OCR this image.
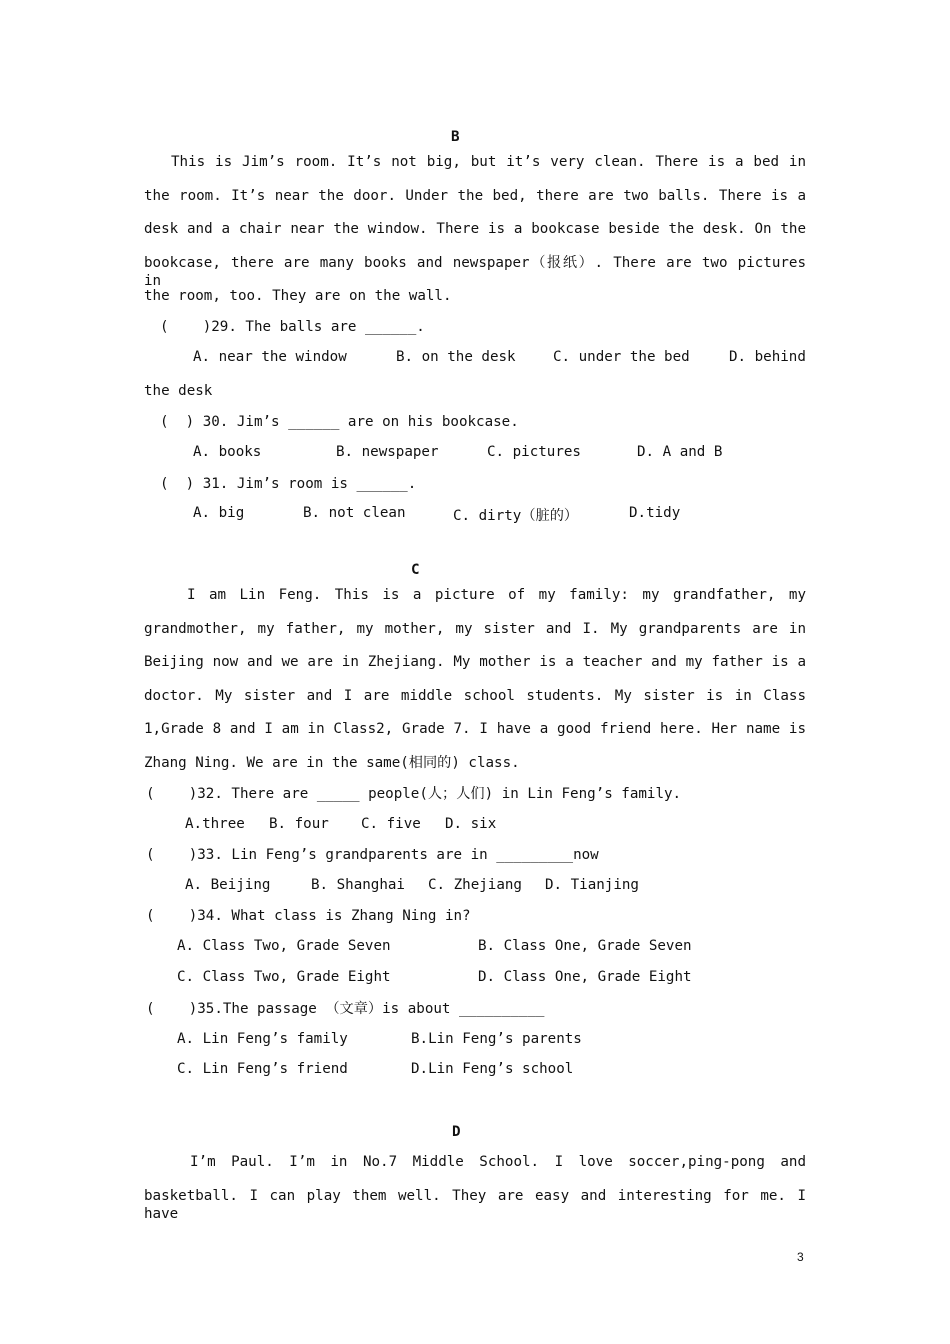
B
This is Jim’s room. It’s not big, but it’s very clean. There is a bed in
the room. It’s near the door. Under the bed, there are two balls. There is a
desk and a chair near the window. There is a bookcase beside the desk. On the
bookcase, there are many books and newspaper（报纸）. There are two pictures in
the room, too. They are on the wall.
(    )29. The balls are ______.

A. near the window

	B. on the desk

	C. under the bed

	D. behind

the desk
(  ) 30. Jim’s ______ are on his bookcase.

A. books

	B. newspaper

	C. pictures

	D. A and B

(  ) 31. Jim’s room is ______.

A. big

	B. not clean

	C. dirty（脏的）

	D.tidy

C
I am Lin Feng. This is a picture of my family: my grandfather, my
grandmother, my father, my mother, my sister and I. My grandparents are in
Beijing now and we are in Zhejiang. My mother is a teacher and my father is a
doctor. My sister and I are middle school students. My sister is in Class
1,Grade 8 and I am in Class2, Grade 7. I have a good friend here. Her name is
Zhang Ning. We are in the same(相同的) class.
(    )32. There are _____ people(人；人们) in Lin Feng’s family.

A.three

B. four

C. five

D. six

(    )33. Lin Feng’s grandparents are in _________now

A. Beijing

	B. Shanghai

C. Zhejiang

D. Tianjing

(    )34. What class is Zhang Ning in?

A. Class Two, Grade Seven

	B. Class One, Grade Seven

C. Class Two, Grade Eight

	D. Class One, Grade Eight

(    )35.The passage （文章）is about __________

A. Lin Feng’s family

	B.Lin Feng’s parents

C. Lin Feng’s friend

	D.Lin Feng’s school

D
I’m Paul. I’m in No.7 Middle School. I love soccer,ping-pong and
basketball. I can play them well. They are easy and interesting for me. I have
3
